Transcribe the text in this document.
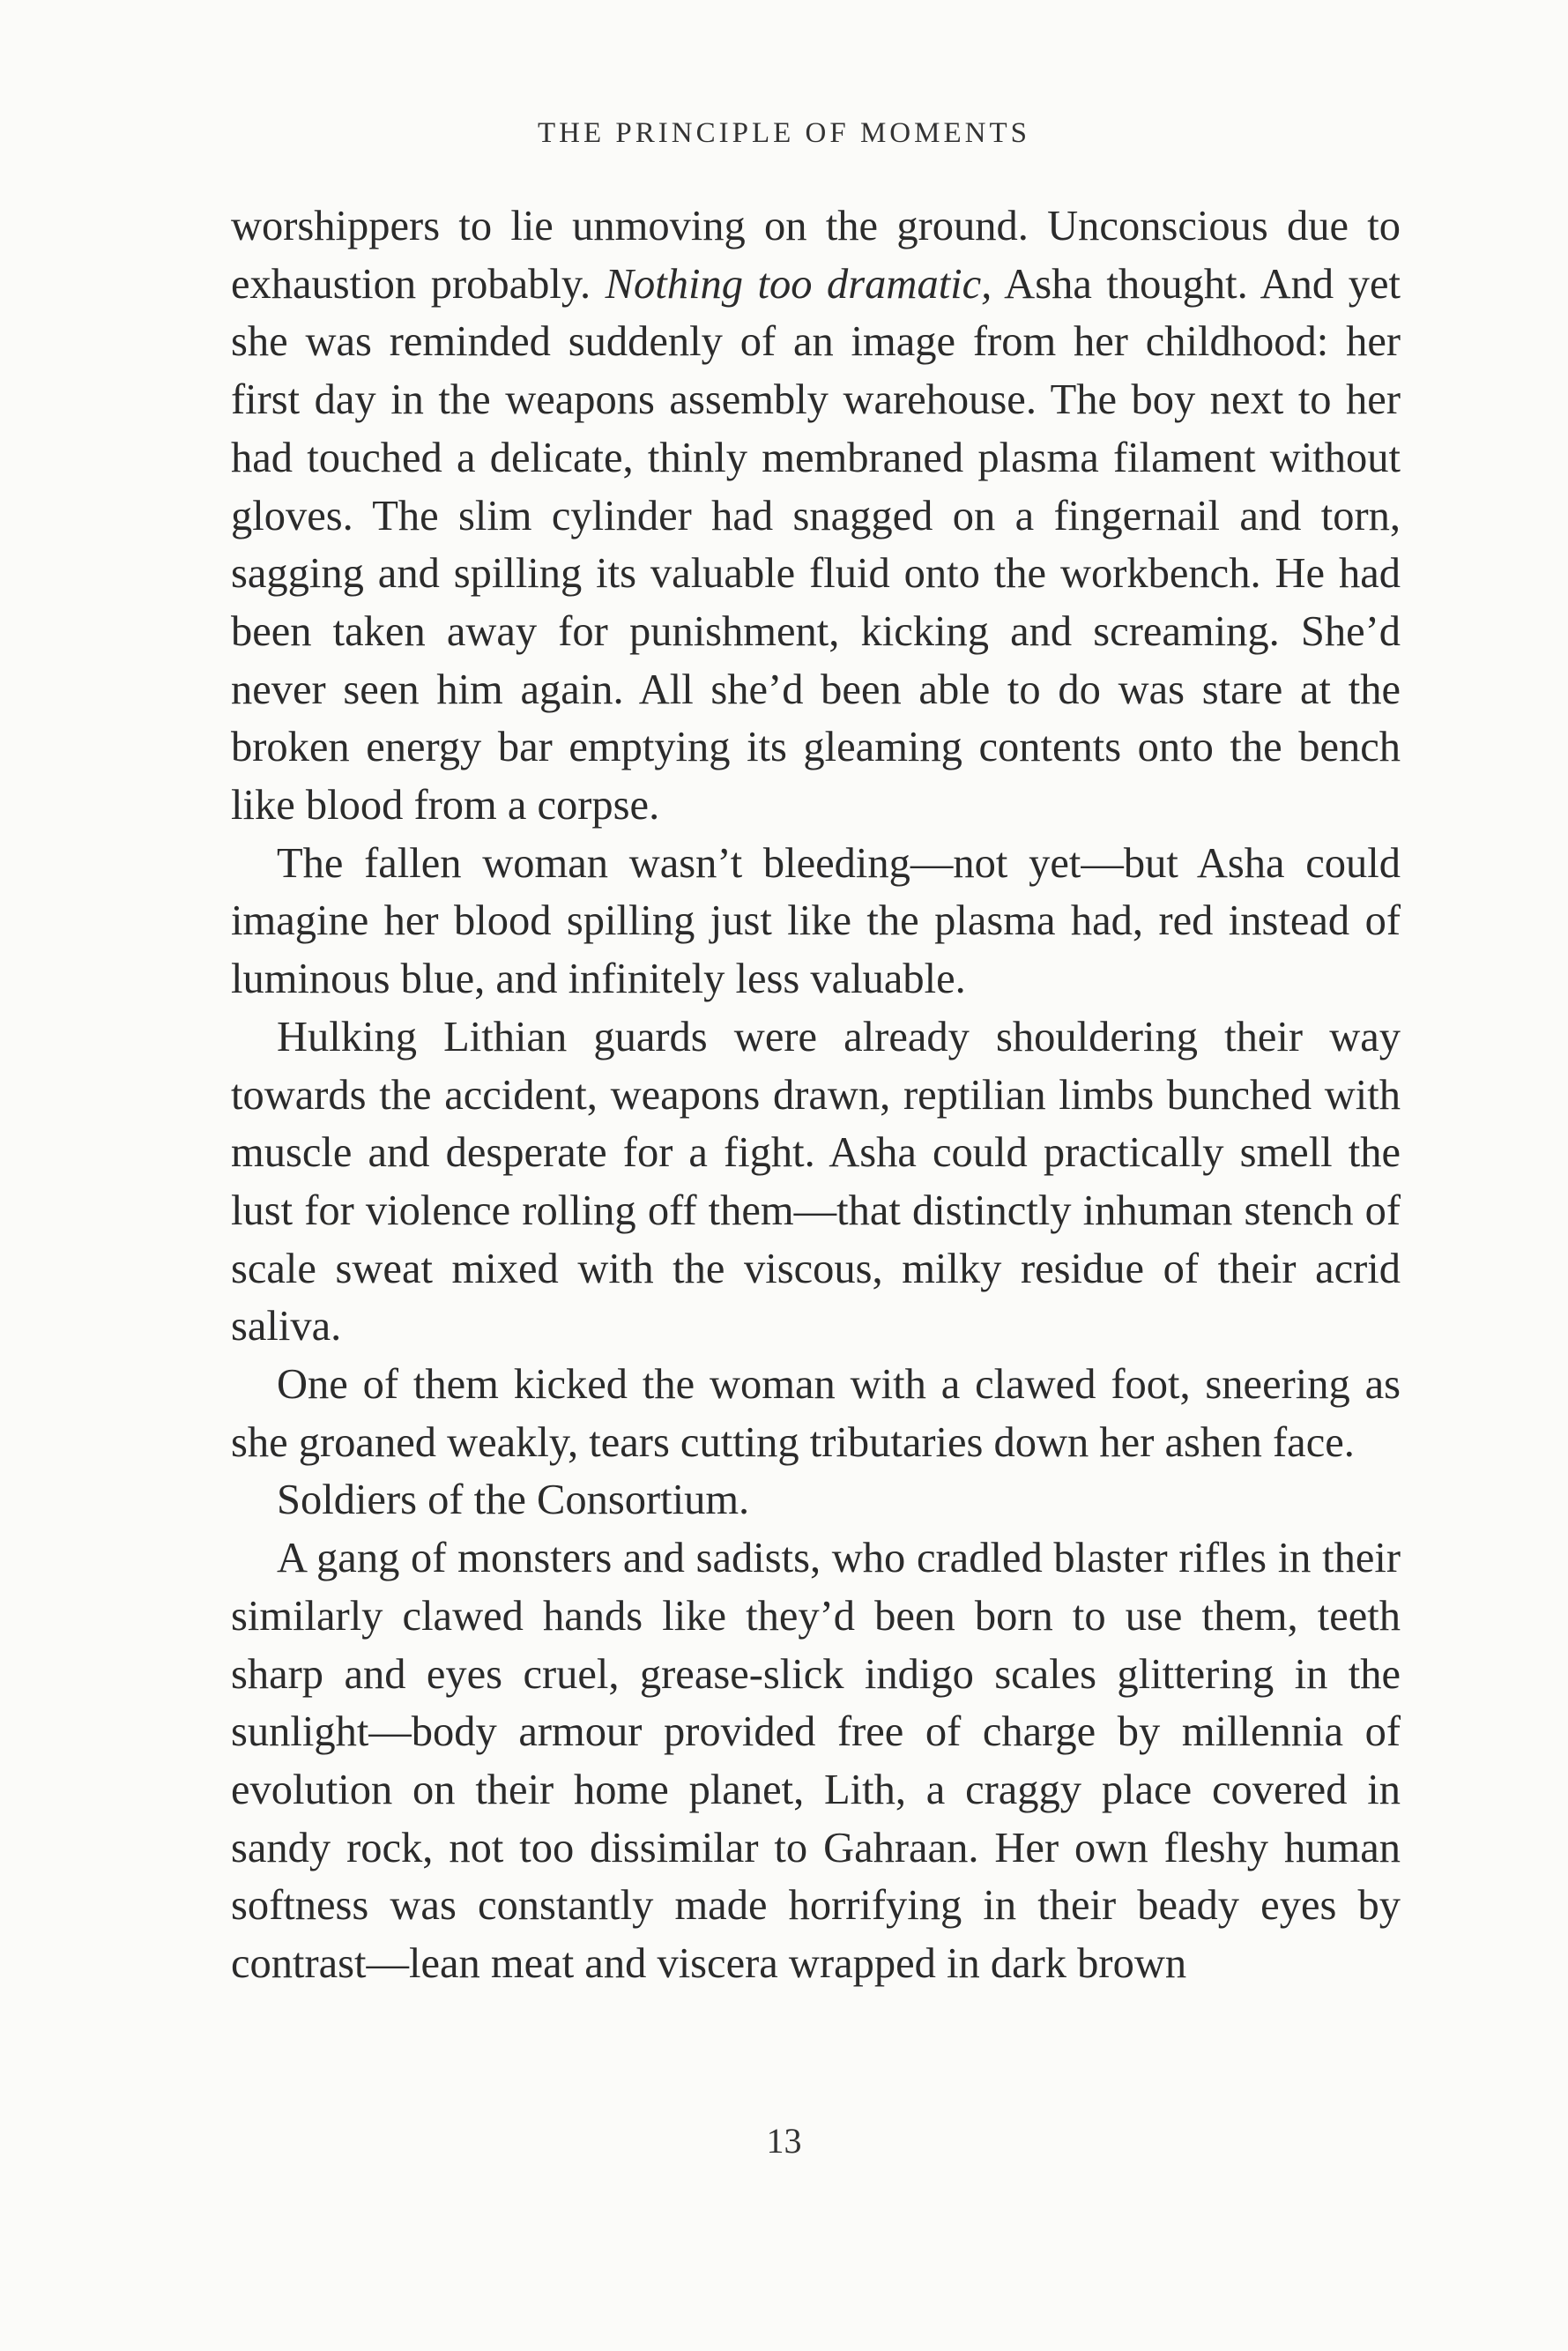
THE PRINCIPLE OF MOMENTS

worshippers to lie unmoving on the ground. Unconscious due to exhaustion probably. Nothing too dramatic, Asha thought. And yet she was reminded suddenly of an image from her childhood: her first day in the weapons assembly warehouse. The boy next to her had touched a delicate, thinly membraned plasma filament without gloves. The slim cylinder had snagged on a fingernail and torn, sagging and spilling its valuable fluid onto the workbench. He had been taken away for punishment, kicking and screaming. She’d never seen him again. All she’d been able to do was stare at the broken energy bar emptying its gleaming contents onto the bench like blood from a corpse.

The fallen woman wasn’t bleeding—not yet—but Asha could imagine her blood spilling just like the plasma had, red instead of luminous blue, and infinitely less valuable.

Hulking Lithian guards were already shouldering their way towards the accident, weapons drawn, reptilian limbs bunched with muscle and desperate for a fight. Asha could practically smell the lust for violence rolling off them—that distinctly inhuman stench of scale sweat mixed with the viscous, milky residue of their acrid saliva.

One of them kicked the woman with a clawed foot, sneering as she groaned weakly, tears cutting tributaries down her ashen face.

Soldiers of the Consortium.

A gang of monsters and sadists, who cradled blaster rifles in their similarly clawed hands like they’d been born to use them, teeth sharp and eyes cruel, grease-slick indigo scales glittering in the sunlight—body armour provided free of charge by millennia of evolution on their home planet, Lith, a craggy place covered in sandy rock, not too dissimilar to Gahraan. Her own fleshy human softness was constantly made horrifying in their beady eyes by contrast—lean meat and viscera wrapped in dark brown

13
